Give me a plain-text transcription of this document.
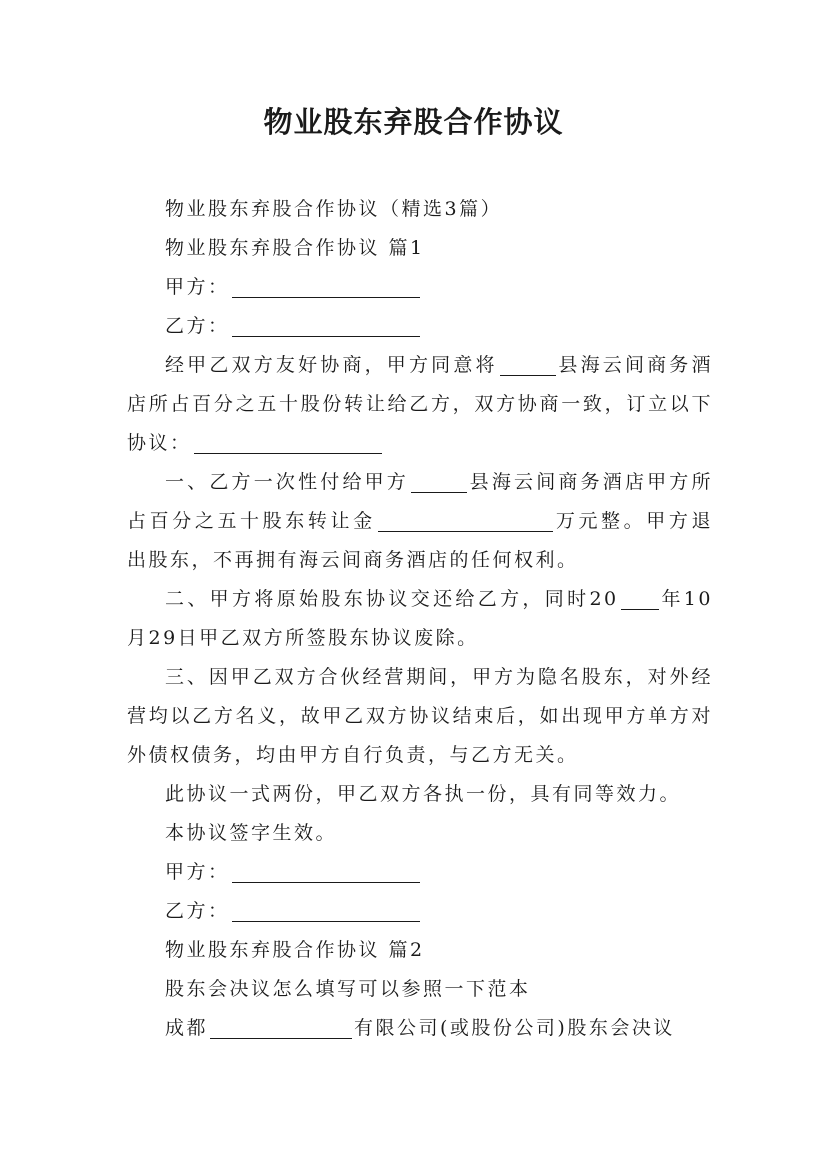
物业股东弃股合作协议

物业股东弃股合作协议（精选3篇）

物业股东弃股合作协议 篇1

甲方：

乙方：

经甲乙双方友好协商，甲方同意将	县海云间商务酒店所占百分之五十股份转让给乙方，双方协商一致，订立以下协议：

一、乙方一次性付给甲方	县海云间商务酒店甲方所占百分之五十股东转让金	万元整。甲方退出股东，不再拥有海云间商务酒店的任何权利。

二、甲方将原始股东协议交还给乙方，同时20 年10月29日甲乙双方所签股东协议废除。

三、因甲乙双方合伙经营期间，甲方为隐名股东，对外经营均以乙方名义，故甲乙双方协议结束后，如出现甲方单方对外债权债务，均由甲方自行负责，与乙方无关。

此协议一式两份，甲乙双方各执一份，具有同等效力。

本协议签字生效。

甲方：

乙方：

物业股东弃股合作协议 篇2

股东会决议怎么填写可以参照一下范本

成都	有限公司(或股份公司)股东会决议
